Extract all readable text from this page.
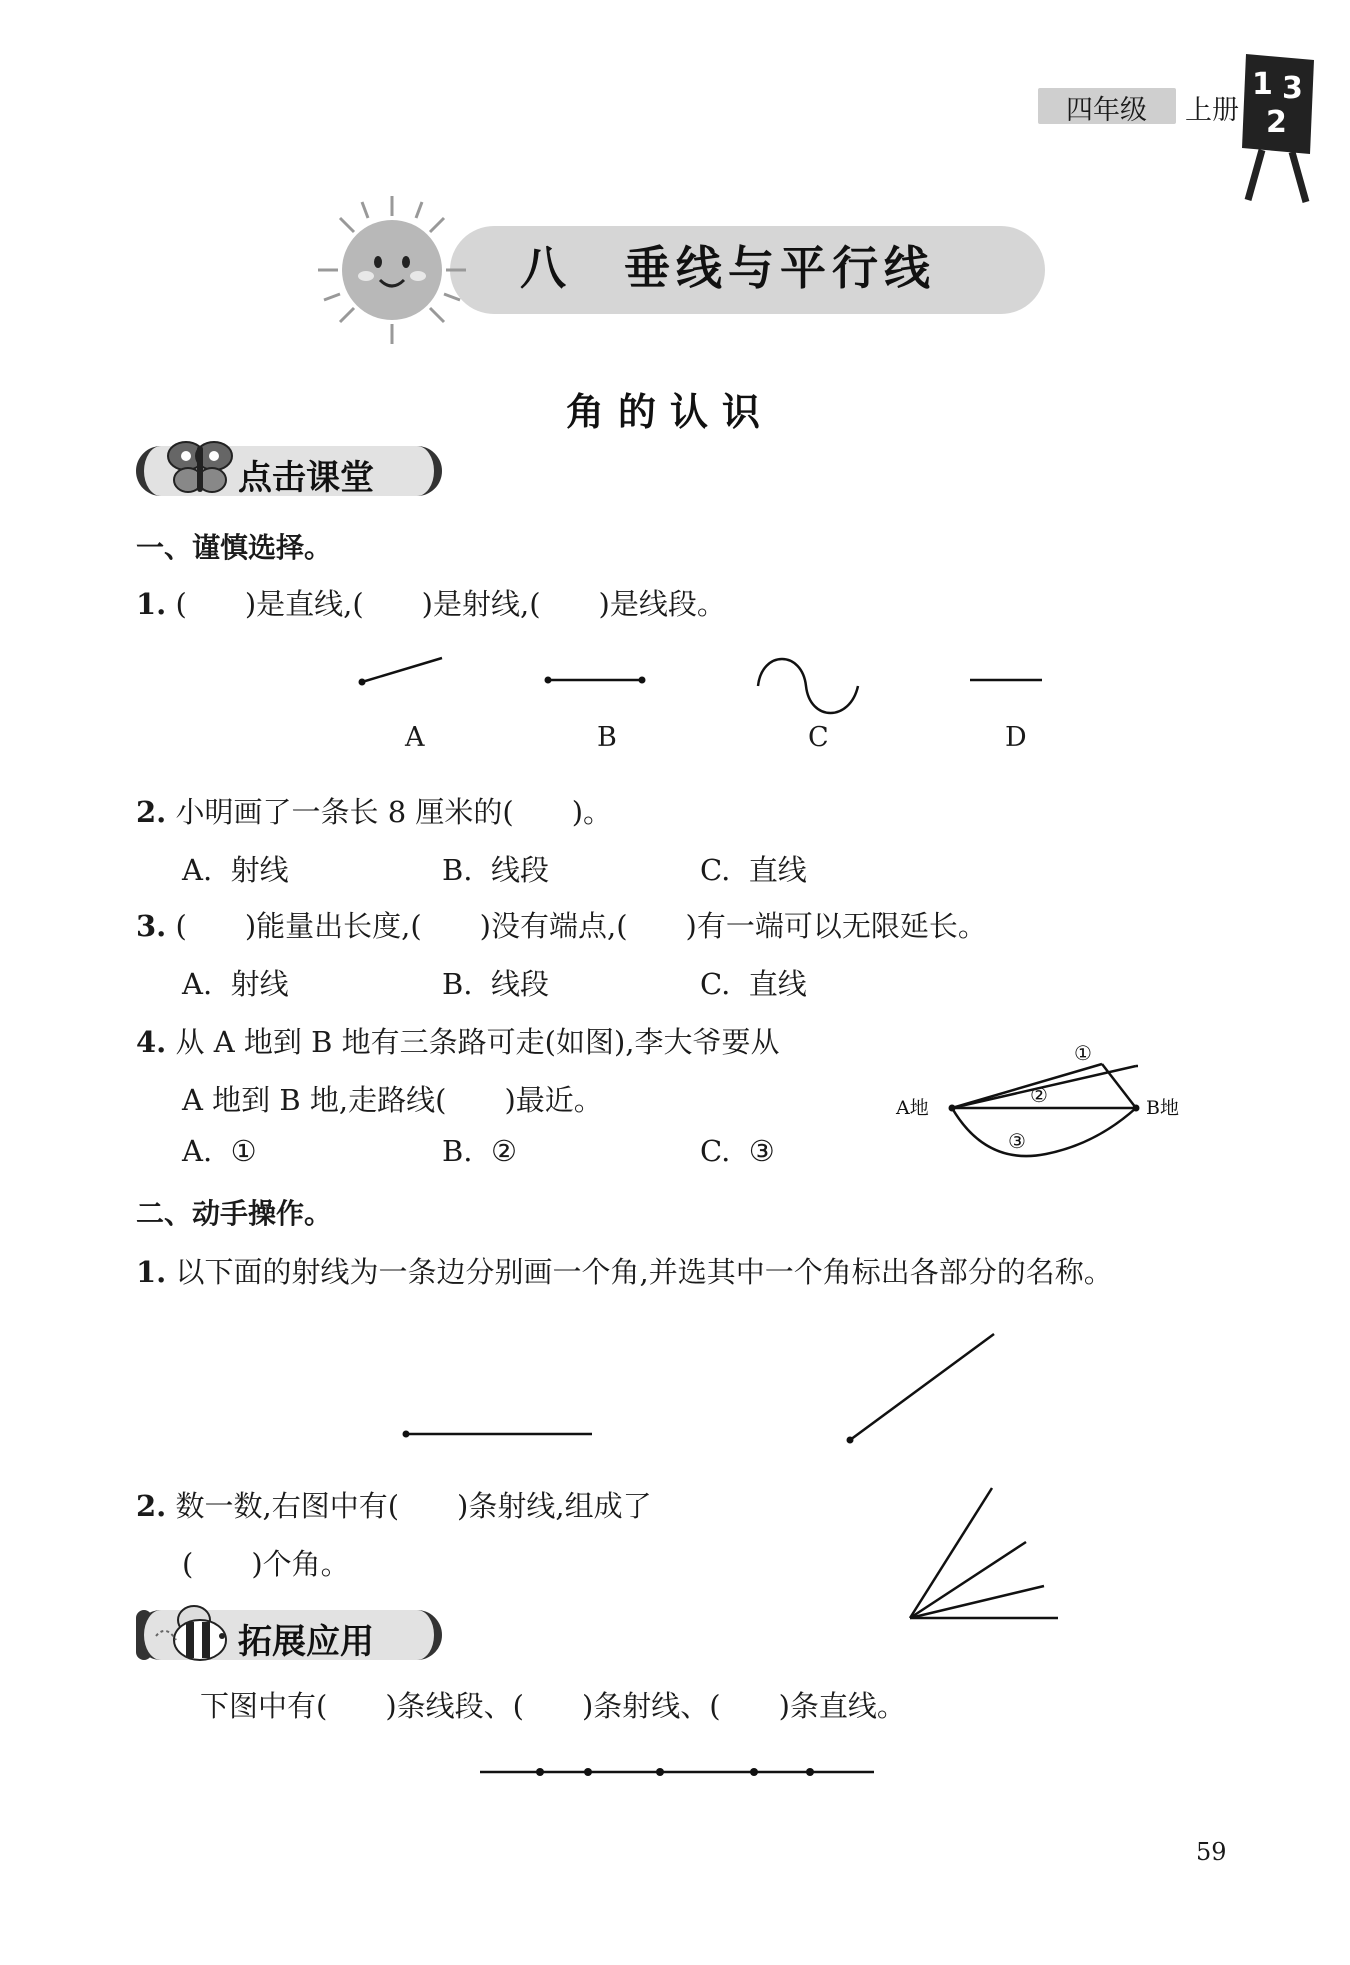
四年级 上册
1 3
2
八　 垂线与平行线
角的认识
点击课堂
一、谨慎选择。
1. (　　)是直线,(　　)是射线,(　　)是线段。
A	B	C	D
2. 小明画了一条长 8 厘米的(　　)。
A.  射线	B.  线段	C.  直线
3. (　　)能量出长度,(　　)没有端点,(　　)有一端可以无限延长。
A.  射线	B.  线段	C.  直线
4. 从 A 地到 B 地有三条路可走(如图),李大爷要从
A 地到 B 地,走路线(　　)最近。
A.  ①	B.  ②	C.  ③
①
②
③
A地	B地
二、动手操作。
1. 以下面的射线为一条边分别画一个角,并选其中一个角标出各部分的名称。
2. 数一数,右图中有(　　)条射线,组成了
(　　)个角。
拓展应用
下图中有(　　)条线段、(　　)条射线、(　　)条直线。
59
